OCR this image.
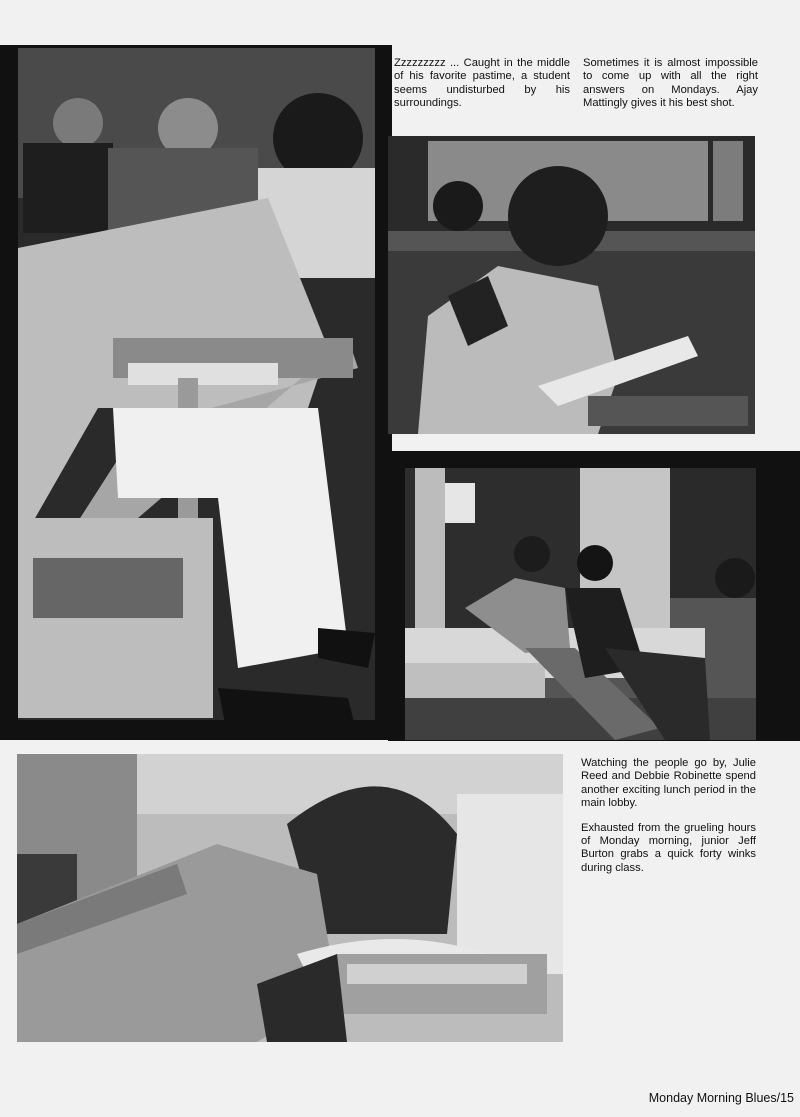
Zzzzzzzzz ... Caught in the middle of his favorite pastime, a student seems undisturbed by his surroundings.

Sometimes it is almost impossible to come up with all the right answers on Mondays. Ajay Mattingly gives it his best shot.

Watching the people go by, Julie Reed and Debbie Robinette spend another exciting lunch period in the main lobby.

Exhausted from the grueling hours of Monday morning, junior Jeff Burton grabs a quick forty winks during class.

Monday Morning Blues/15
